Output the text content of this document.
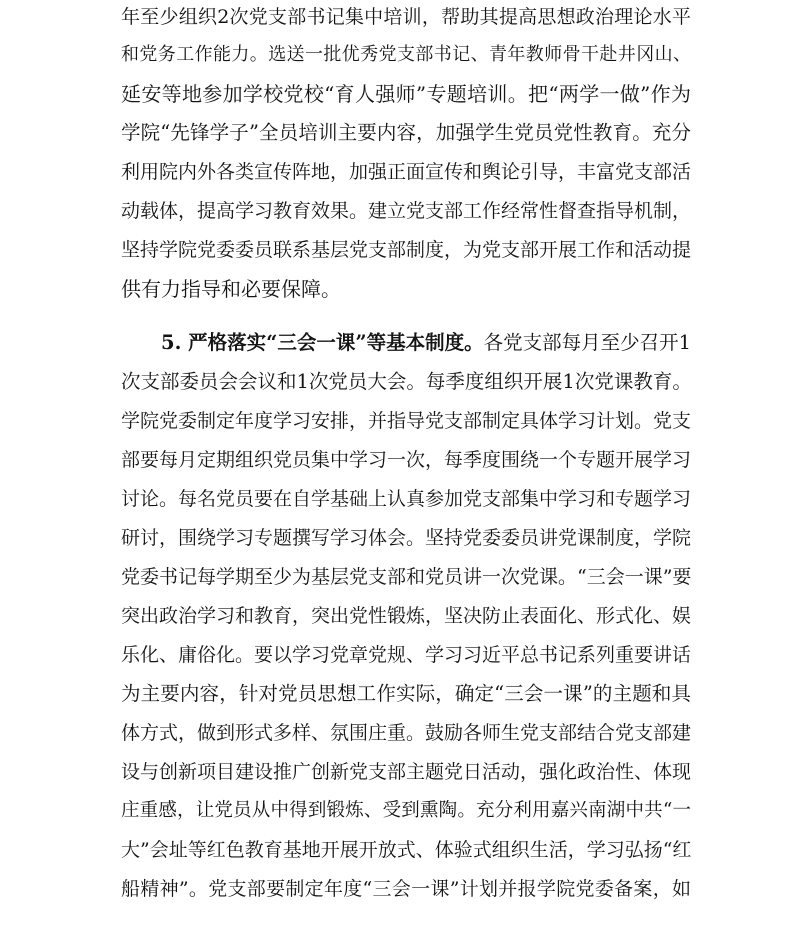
年至少组织2次党支部书记集中培训，帮助其提高思想政治理论水平
和党务工作能力。选送一批优秀党支部书记、青年教师骨干赴井冈山、
延安等地参加学校党校“育人强师”专题培训。把“两学一做”作为
学院“先锋学子”全员培训主要内容，加强学生党员党性教育。充分
利用院内外各类宣传阵地，加强正面宣传和舆论引导，丰富党支部活
动载体，提高学习教育效果。建立党支部工作经常性督查指导机制，
坚持学院党委委员联系基层党支部制度，为党支部开展工作和活动提
供有力指导和必要保障。
5. 严格落实“三会一课”等基本制度。各党支部每月至少召开1
次支部委员会会议和1次党员大会。每季度组织开展1次党课教育。
学院党委制定年度学习安排，并指导党支部制定具体学习计划。党支
部要每月定期组织党员集中学习一次，每季度围绕一个专题开展学习
讨论。每名党员要在自学基础上认真参加党支部集中学习和专题学习
研讨，围绕学习专题撰写学习体会。坚持党委委员讲党课制度，学院
党委书记每学期至少为基层党支部和党员讲一次党课。“三会一课”要
突出政治学习和教育，突出党性锻炼，坚决防止表面化、形式化、娱
乐化、庸俗化。要以学习党章党规、学习习近平总书记系列重要讲话
为主要内容，针对党员思想工作实际，确定“三会一课”的主题和具
体方式，做到形式多样、氛围庄重。鼓励各师生党支部结合党支部建
设与创新项目建设推广创新党支部主题党日活动，强化政治性、体现
庄重感，让党员从中得到锻炼、受到熏陶。充分利用嘉兴南湖中共“一
大”会址等红色教育基地开展开放式、体验式组织生活，学习弘扬“红
船精神”。党支部要制定年度“三会一课”计划并报学院党委备案，如
